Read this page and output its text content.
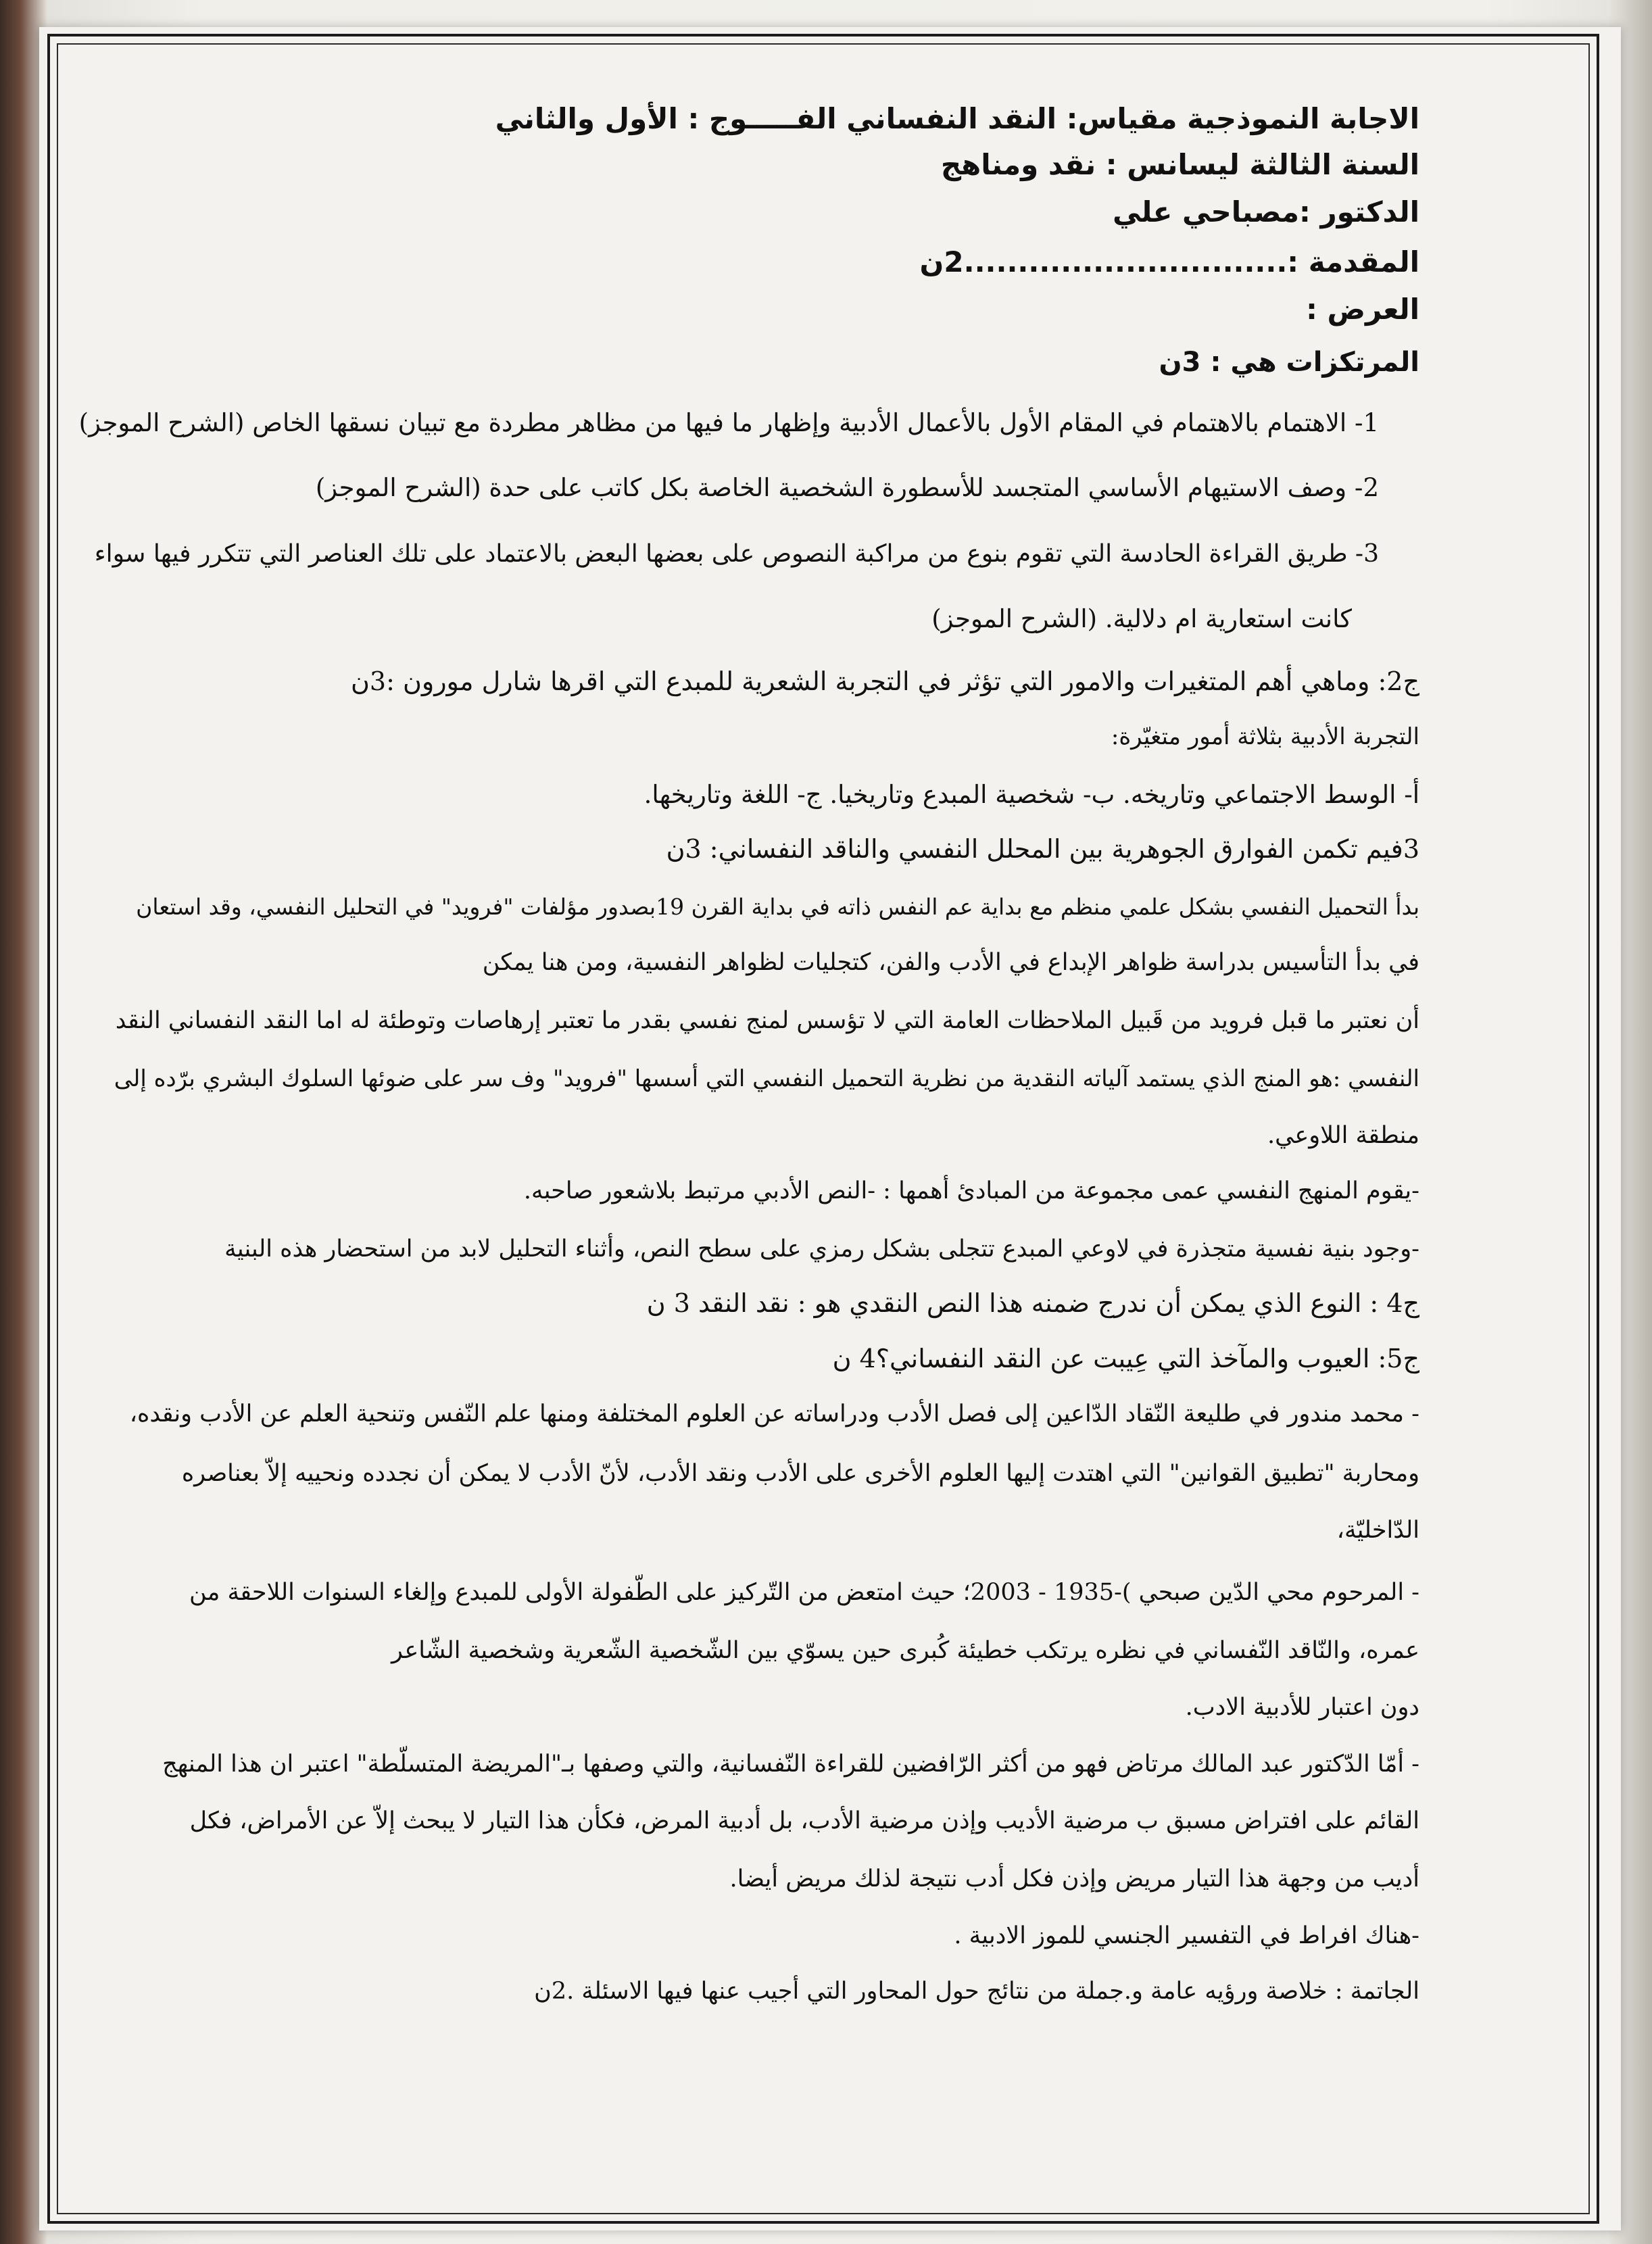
الاجابة النموذجية مقياس: النقد النفساني الفـــــوج : الأول والثاني
السنة الثالثة ليسانس : نقد ومناهج
الدكتور :مصباحي علي
المقدمة :..............................2ن
العرض :
المرتكزات هي : 3ن
1- الاهتمام بالاهتمام في المقام الأول بالأعمال الأدبية وإظهار ما فيها من مظاهر مطردة مع تبيان نسقها الخاص (الشرح الموجز)
2- وصف الاستيهام الأساسي المتجسد للأسطورة الشخصية الخاصة بكل كاتب على حدة (الشرح الموجز)
3- طريق القراءة الحادسة التي تقوم بنوع من مراكبة النصوص على بعضها البعض بالاعتماد على تلك العناصر التي تتكرر فيها سواء
كانت استعارية ام دلالية. (الشرح الموجز)
ج2: وماهي أهم المتغيرات والامور التي تؤثر في التجربة الشعرية للمبدع التي اقرها شارل مورون :3ن
التجربة الأدبية بثلاثة أمور متغيّرة:
أ- الوسط الاجتماعي وتاريخه. ب- شخصية المبدع وتاريخيا. ج- اللغة وتاريخها.
3فيم تكمن الفوارق الجوهرية بين المحلل النفسي والناقد النفساني: 3ن
بدأ التحميل النفسي بشكل علمي منظم مع بداية عم النفس ذاته في بداية القرن 19بصدور مؤلفات "فرويد" في التحليل النفسي، وقد استعان
في بدأ التأسيس بدراسة ظواهر الإبداع في الأدب والفن، كتجليات لظواهر النفسية، ومن هنا يمكن
أن نعتبر ما قبل فرويد من قَبيل الملاحظات العامة التي لا تؤسس لمنج نفسي بقدر ما تعتبر إرهاصات وتوطئة له اما النقد النفساني النقد
النفسي :هو المنج الذي يستمد آلياته النقدية من نظرية التحميل النفسي التي أسسها "فرويد" وف سر على ضوئها السلوك البشري برّده إلى
منطقة اللاوعي.
-يقوم المنهج النفسي عمى مجموعة من المبادئ أهمها : -النص الأدبي مرتبط بلاشعور صاحبه.
-وجود بنية نفسية متجذرة في لاوعي المبدع تتجلى بشكل رمزي على سطح النص، وأثناء التحليل لابد من استحضار هذه البنية
ج4 : النوع الذي يمكن أن ندرج ضمنه هذا النص النقدي هو : نقد النقد 3 ن
ج5: العيوب والمآخذ التي عِيبت عن النقد النفساني؟4 ن
- محمد مندور في طليعة النّقاد الدّاعين إلى فصل الأدب ودراساته عن العلوم المختلفة ومنها علم النّفس وتنحية العلم عن الأدب ونقده،
ومحاربة "تطبيق القوانين" التي اهتدت إليها العلوم الأخرى على الأدب ونقد الأدب، لأنّ الأدب لا يمكن أن نجدده ونحييه إلاّ بعناصره
الدّاخليّة،
- المرحوم محي الدّين صبحي )-1935 - 2003؛ حيث امتعض من التّركيز على الطّفولة الأولى للمبدع وإلغاء السنوات اللاحقة من
عمره، والنّاقد النّفساني في نظره يرتكب خطيئة كُبرى حين يسوّي بين الشّخصية الشّعرية وشخصية الشّاعر
دون اعتبار للأدبية الادب.
- أمّا الدّكتور عبد المالك مرتاض فهو من أكثر الرّافضين للقراءة النّفسانية، والتي وصفها بـ"المريضة المتسلّطة" اعتبر ان هذا المنهج
القائم على افتراض مسبق ب مرضية الأديب وإذن مرضية الأدب، بل أدبية المرض، فكأن هذا التيار لا يبحث إلاّ عن الأمراض، فكل
أديب من وجهة هذا التيار مريض وإذن فكل أدب نتيجة لذلك مريض أيضا.
-هناك افراط في التفسير الجنسي للموز الادبية .
الجاتمة : خلاصة ورؤيه عامة و.جملة من نتائج حول المحاور التي أجيب عنها فيها الاسئلة .2ن
